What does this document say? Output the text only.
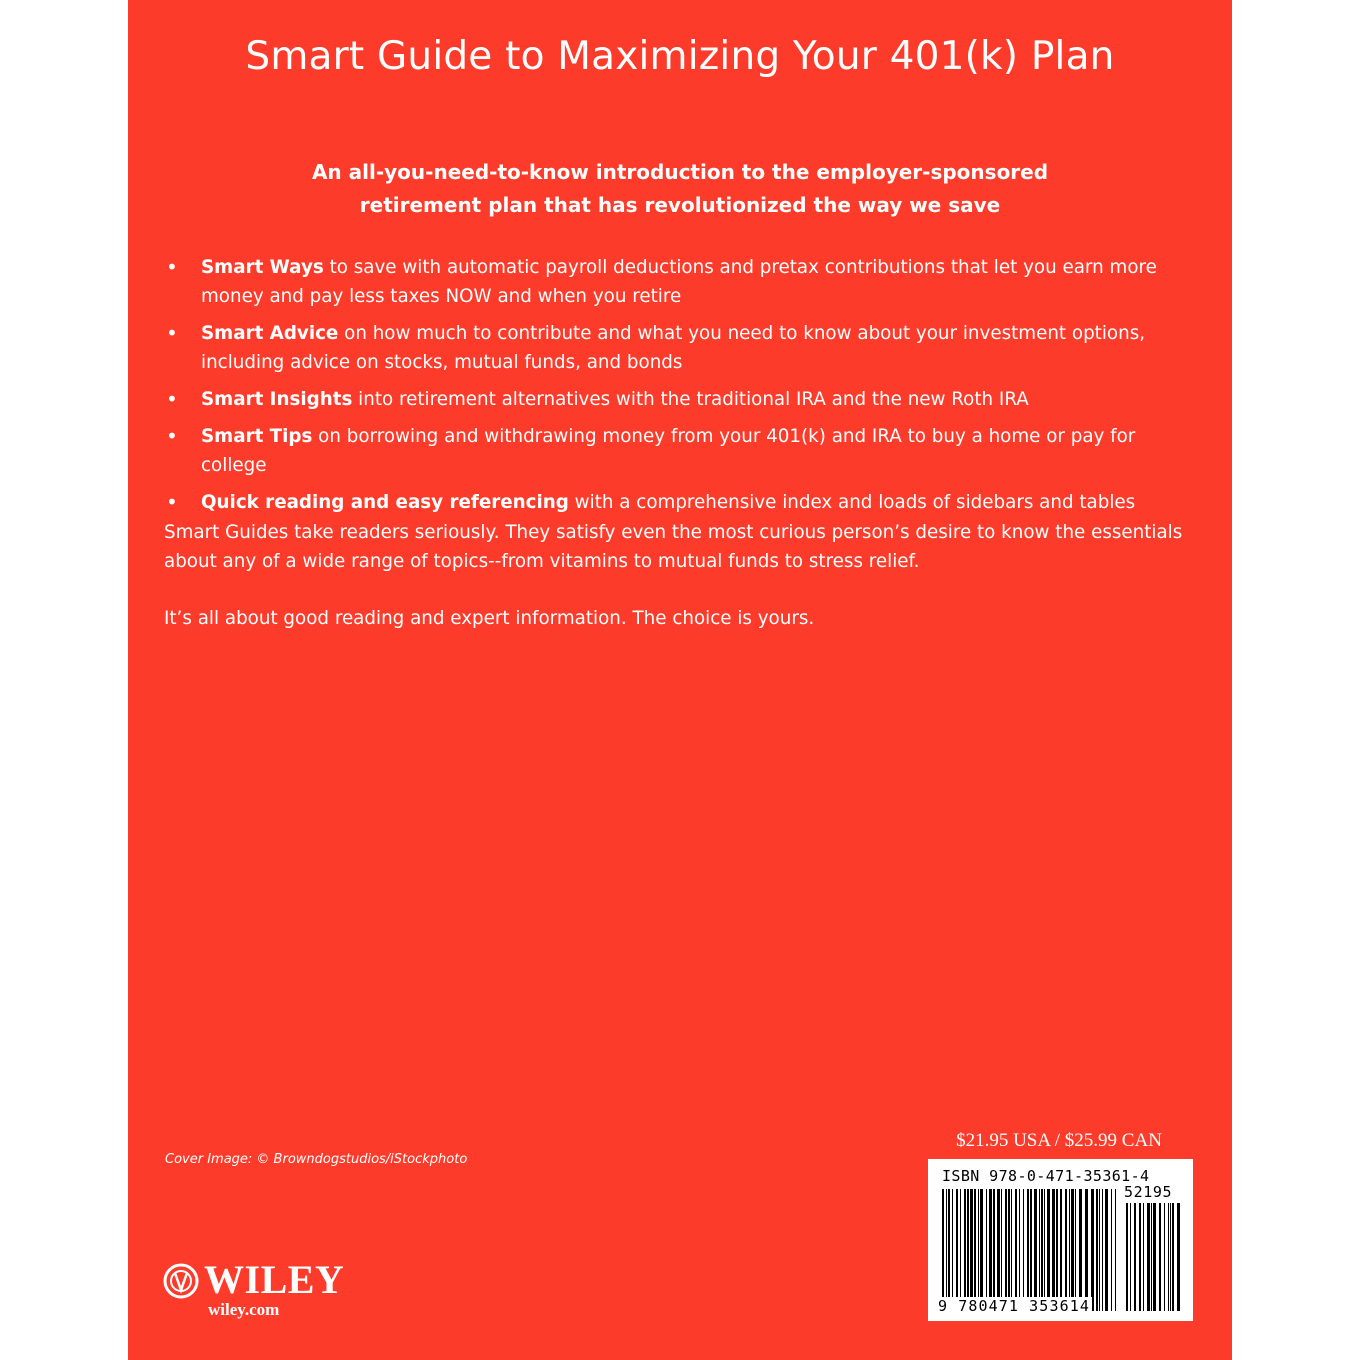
Smart Guide to Maximizing Your 401(k) Plan
An all-you-need-to-know introduction to the employer-sponsored
retirement plan that has revolutionized the way we save
• Smart Ways to save with automatic payroll deductions and pretax contributions that let you earn more money and pay less taxes NOW and when you retire
• Smart Advice on how much to contribute and what you need to know about your investment options, including advice on stocks, mutual funds, and bonds
• Smart Insights into retirement alternatives with the traditional IRA and the new Roth IRA
• Smart Tips on borrowing and withdrawing money from your 401(k) and IRA to buy a home or pay for college
• Quick reading and easy referencing with a comprehensive index and loads of sidebars and tables

Smart Guides take readers seriously. They satisfy even the most curious person’s desire to know the essentials about any of a wide range of topics--from vitamins to mutual funds to stress relief.

It’s all about good reading and expert information. The choice is yours.

Cover Image: © Browndogstudios/iStockphoto
$21.95 USA / $25.99 CAN
ISBN 978-0-471-35361-4
52195
9 780471 353614
WILEY
wiley.com
